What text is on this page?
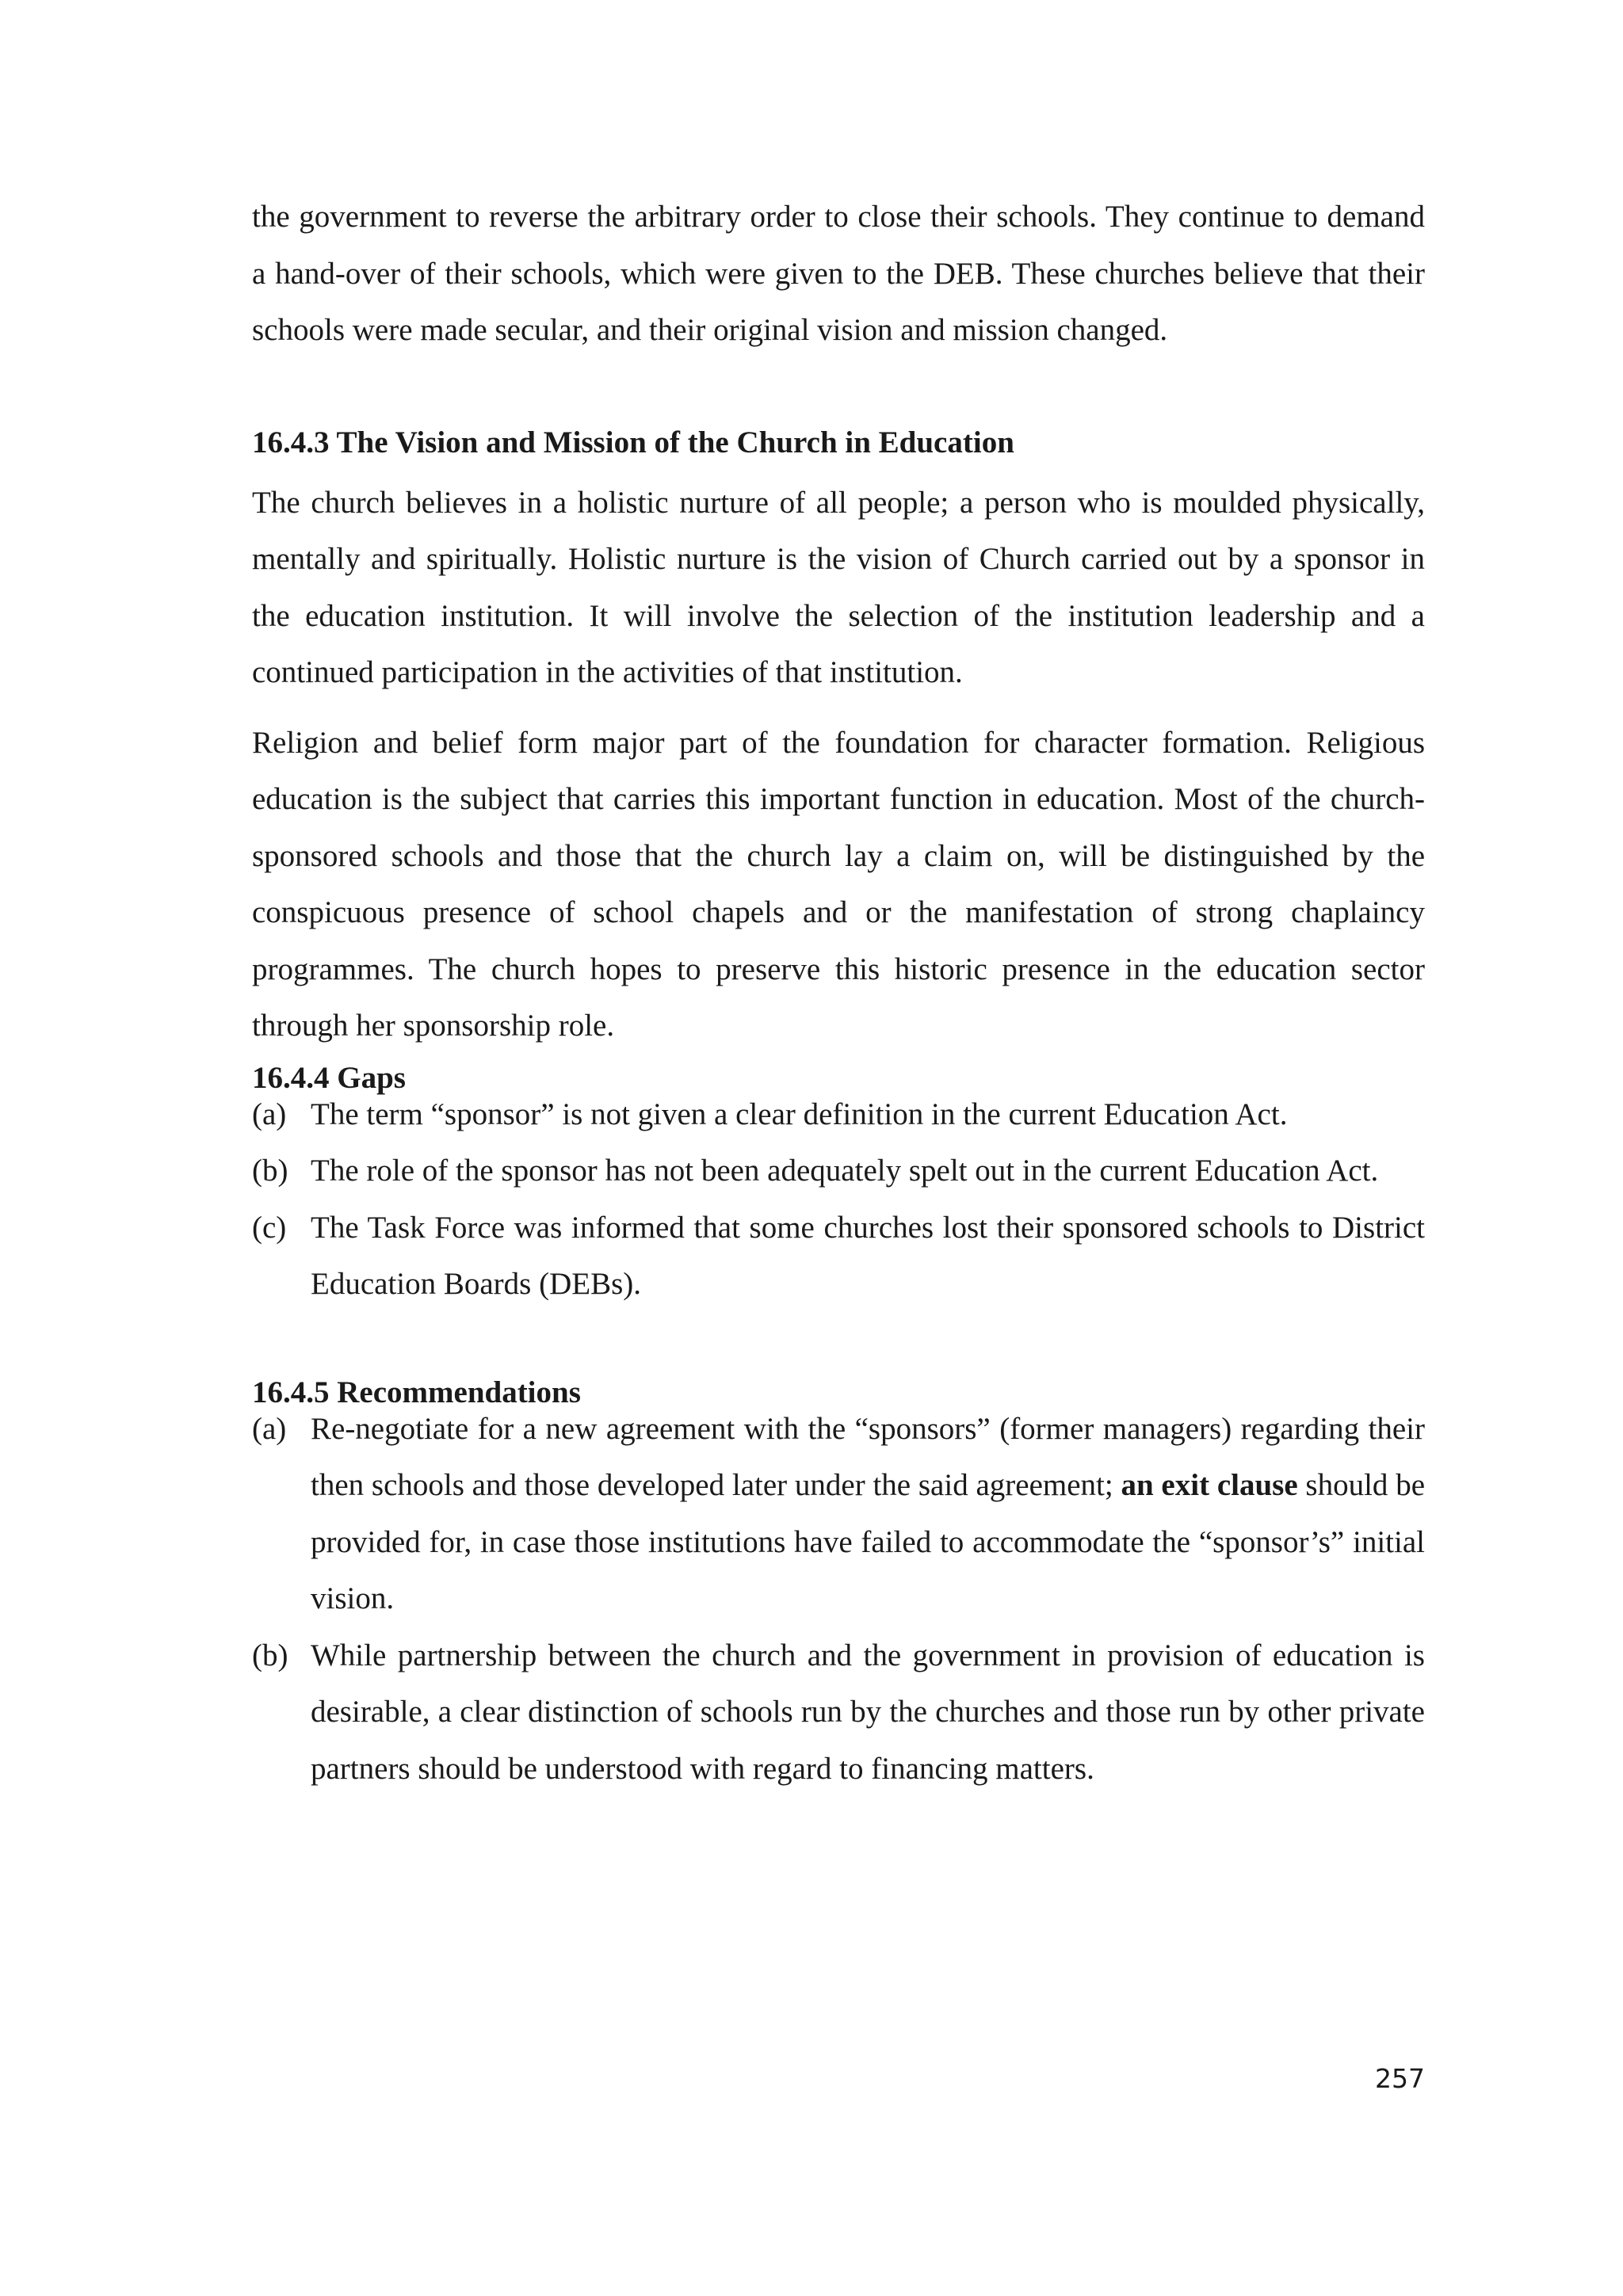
the government to reverse the arbitrary order to close their schools. They continue to demand a hand-over of their schools, which were given to the DEB. These churches believe that their schools were made secular, and their original vision and mission changed.

16.4.3 The Vision and Mission of the Church in Education

The church believes in a holistic nurture of all people; a person who is moulded physically, mentally and spiritually. Holistic nurture is the vision of Church carried out by a sponsor in the education institution. It will involve the selection of the institution leadership and a continued participation in the activities of that institution.

Religion and belief form major part of the foundation for character formation. Religious education is the subject that carries this important function in education. Most of the church-sponsored schools and those that the church lay a claim on, will be distinguished by the conspicuous presence of school chapels and or the manifestation of strong chaplaincy programmes. The church hopes to preserve this historic presence in the education sector through her sponsorship role.

16.4.4 Gaps
(a) The term “sponsor” is not given a clear definition in the current Education Act.
(b) The role of the sponsor has not been adequately spelt out in the current Education Act.
(c) The Task Force was informed that some churches lost their sponsored schools to District Education Boards (DEBs).
16.4.5 Recommendations
(a) Re-negotiate for a new agreement with the “sponsors” (former managers) regarding their then schools and those developed later under the said agreement; an exit clause should be provided for, in case those institutions have failed to accommodate the “sponsor’s” initial vision.
(b) While partnership between the church and the government in provision of education is desirable, a clear distinction of schools run by the churches and those run by other private partners should be understood with regard to financing matters.
257
